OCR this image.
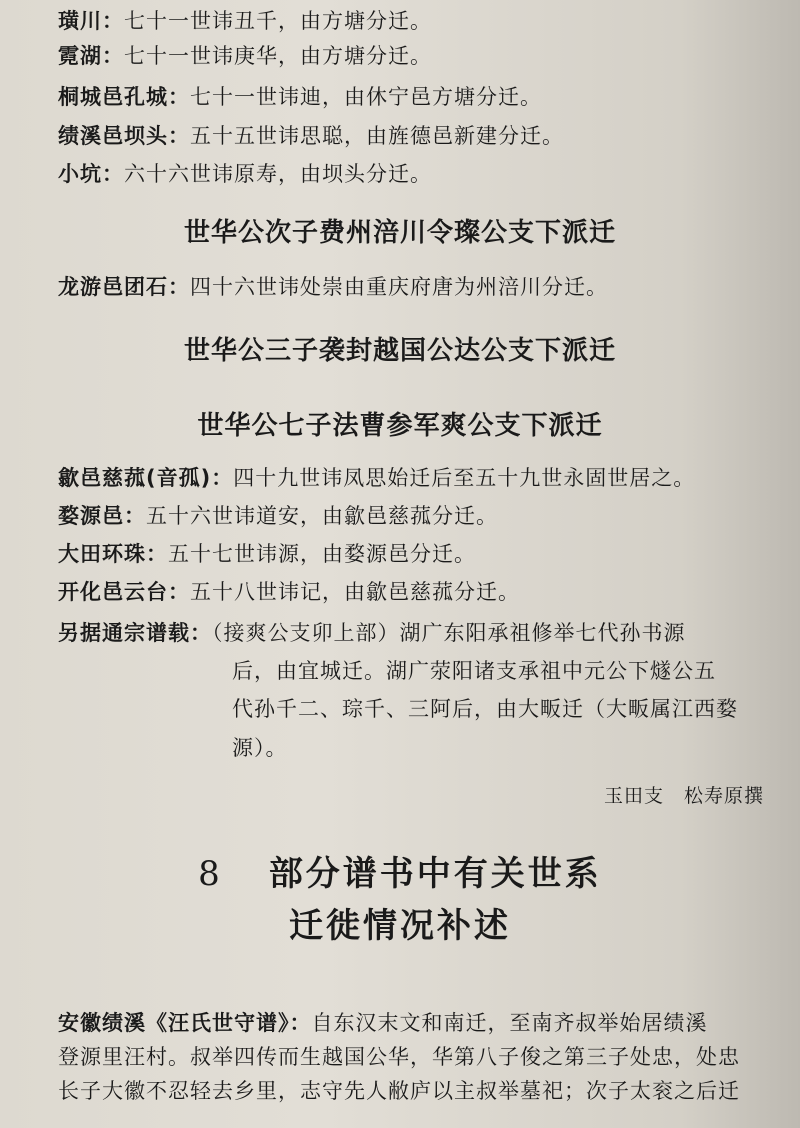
璜川：七十一世讳丑千，由方塘分迁。
霓湖：七十一世讳庚华，由方塘分迁。
桐城邑孔城：七十一世讳迪，由休宁邑方塘分迁。
绩溪邑坝头：五十五世讳思聪，由旌德邑新建分迁。
小坑：六十六世讳原寿，由坝头分迁。
世华公次子费州涪川令璨公支下派迁
龙游邑团石：四十六世讳处崇由重庆府唐为州涪川分迁。
世华公三子袭封越国公达公支下派迁
世华公七子法曹参军爽公支下派迁
歙邑慈菰(音孤)：四十九世讳凤思始迁后至五十九世永固世居之。
婺源邑：五十六世讳道安，由歙邑慈菰分迁。
大田环珠：五十七世讳源，由婺源邑分迁。
开化邑云台：五十八世讳记，由歙邑慈菰分迁。
另据通宗谱载：（接爽公支卯上部）湖广东阳承祖修举七代孙书源
后，由宜城迁。湖广荥阳诸支承祖中元公下燧公五
代孙千二、琮千、三阿后，由大畈迁（大畈属江西婺
源）。
玉田支　松寿原撰
8 部分谱书中有关世系
迁徙情况补述
安徽绩溪《汪氏世守谱》：自东汉末文和南迁，至南齐叔举始居绩溪
登源里汪村。叔举四传而生越国公华，华第八子俊之第三子处忠，处忠
长子大徽不忍轻去乡里，志守先人敝庐以主叔举墓祀；次子太衮之后迁
